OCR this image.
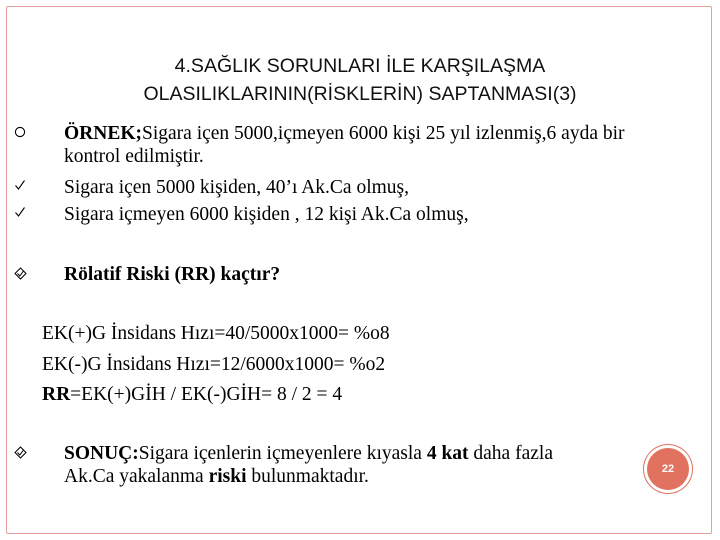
4.SAĞLIK SORUNLARI İLE KARŞILAŞMA
OLASILIKLARININ(RİSKLERİN) SAPTANMASI(3)
ÖRNEK;Sigara içen 5000,içmeyen 6000 kişi 25 yıl izlenmiş,6 ayda bir kontrol edilmiştir.
Sigara içen 5000 kişiden, 40’ı Ak.Ca olmuş,
Sigara içmeyen 6000 kişiden , 12 kişi Ak.Ca olmuş,
Rölatif Riski (RR) kaçtır?
EK(+)G İnsidans Hızı=40/5000x1000= %o8
EK(-)G İnsidans Hızı=12/6000x1000= %o2
RR=EK(+)GİH / EK(-)GİH= 8 / 2 = 4
SONUÇ:Sigara içenlerin içmeyenlere kıyasla 4 kat daha fazla Ak.Ca yakalanma riski bulunmaktadır.	22
